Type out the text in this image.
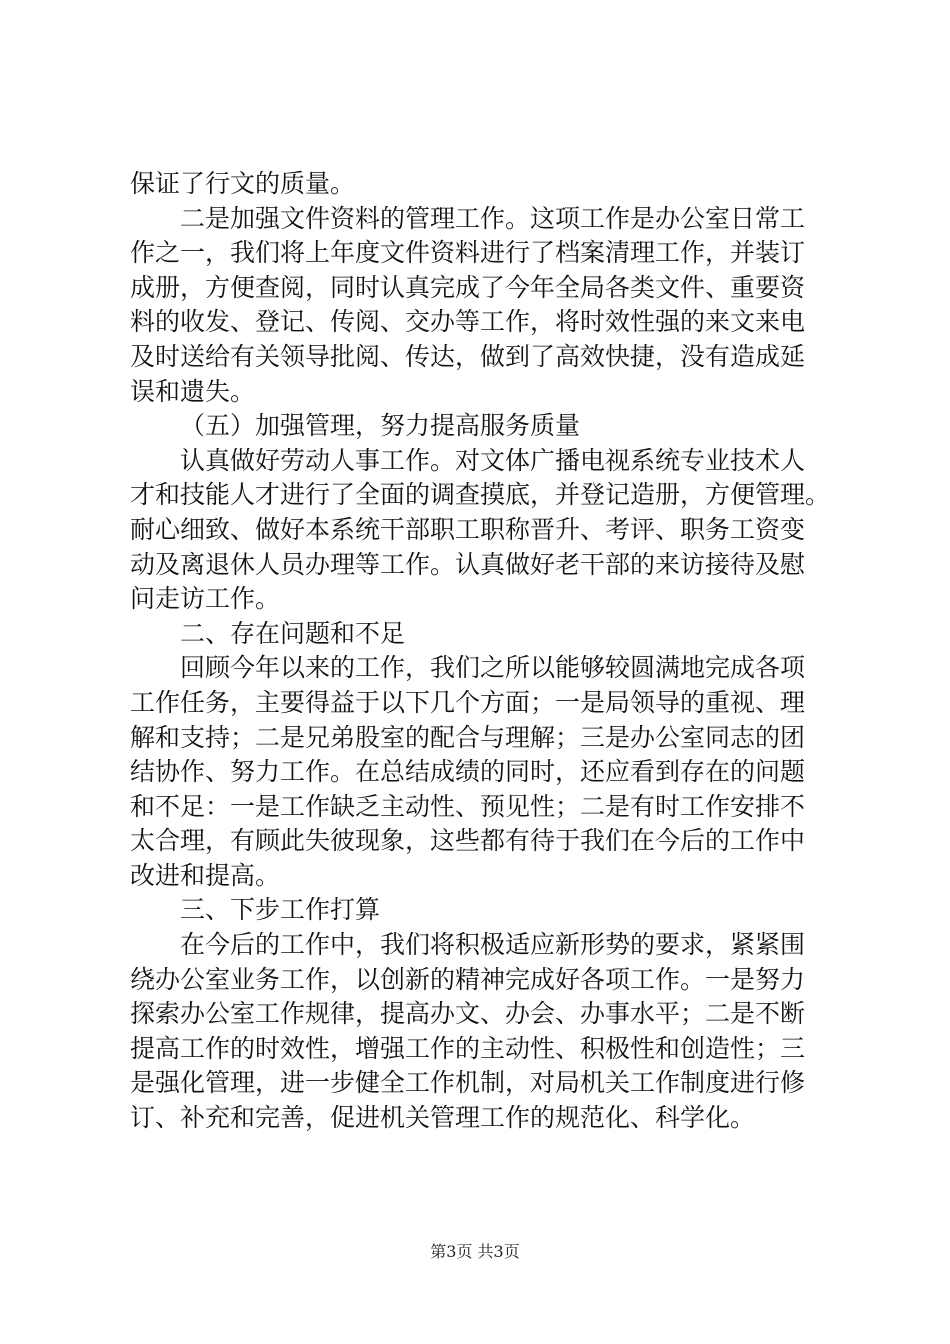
保证了行文的质量。
二是加强文件资料的管理工作。这项工作是办公室日常工
作之一，我们将上年度文件资料进行了档案清理工作，并装订
成册，方便查阅，同时认真完成了今年全局各类文件、重要资
料的收发、登记、传阅、交办等工作，将时效性强的来文来电
及时送给有关领导批阅、传达，做到了高效快捷，没有造成延
误和遗失。
（五）加强管理，努力提高服务质量
认真做好劳动人事工作。对文体广播电视系统专业技术人
才和技能人才进行了全面的调查摸底，并登记造册，方便管理。
耐心细致、做好本系统干部职工职称晋升、考评、职务工资变
动及离退休人员办理等工作。认真做好老干部的来访接待及慰
问走访工作。
二、存在问题和不足
回顾今年以来的工作，我们之所以能够较圆满地完成各项
工作任务，主要得益于以下几个方面；一是局领导的重视、理
解和支持；二是兄弟股室的配合与理解；三是办公室同志的团
结协作、努力工作。在总结成绩的同时，还应看到存在的问题
和不足：一是工作缺乏主动性、预见性；二是有时工作安排不
太合理，有顾此失彼现象，这些都有待于我们在今后的工作中
改进和提高。
三、下步工作打算
在今后的工作中，我们将积极适应新形势的要求，紧紧围
绕办公室业务工作，以创新的精神完成好各项工作。一是努力
探索办公室工作规律，提高办文、办会、办事水平；二是不断
提高工作的时效性，增强工作的主动性、积极性和创造性；三
是强化管理，进一步健全工作机制，对局机关工作制度进行修
订、补充和完善，促进机关管理工作的规范化、科学化。
第3页 共3页
